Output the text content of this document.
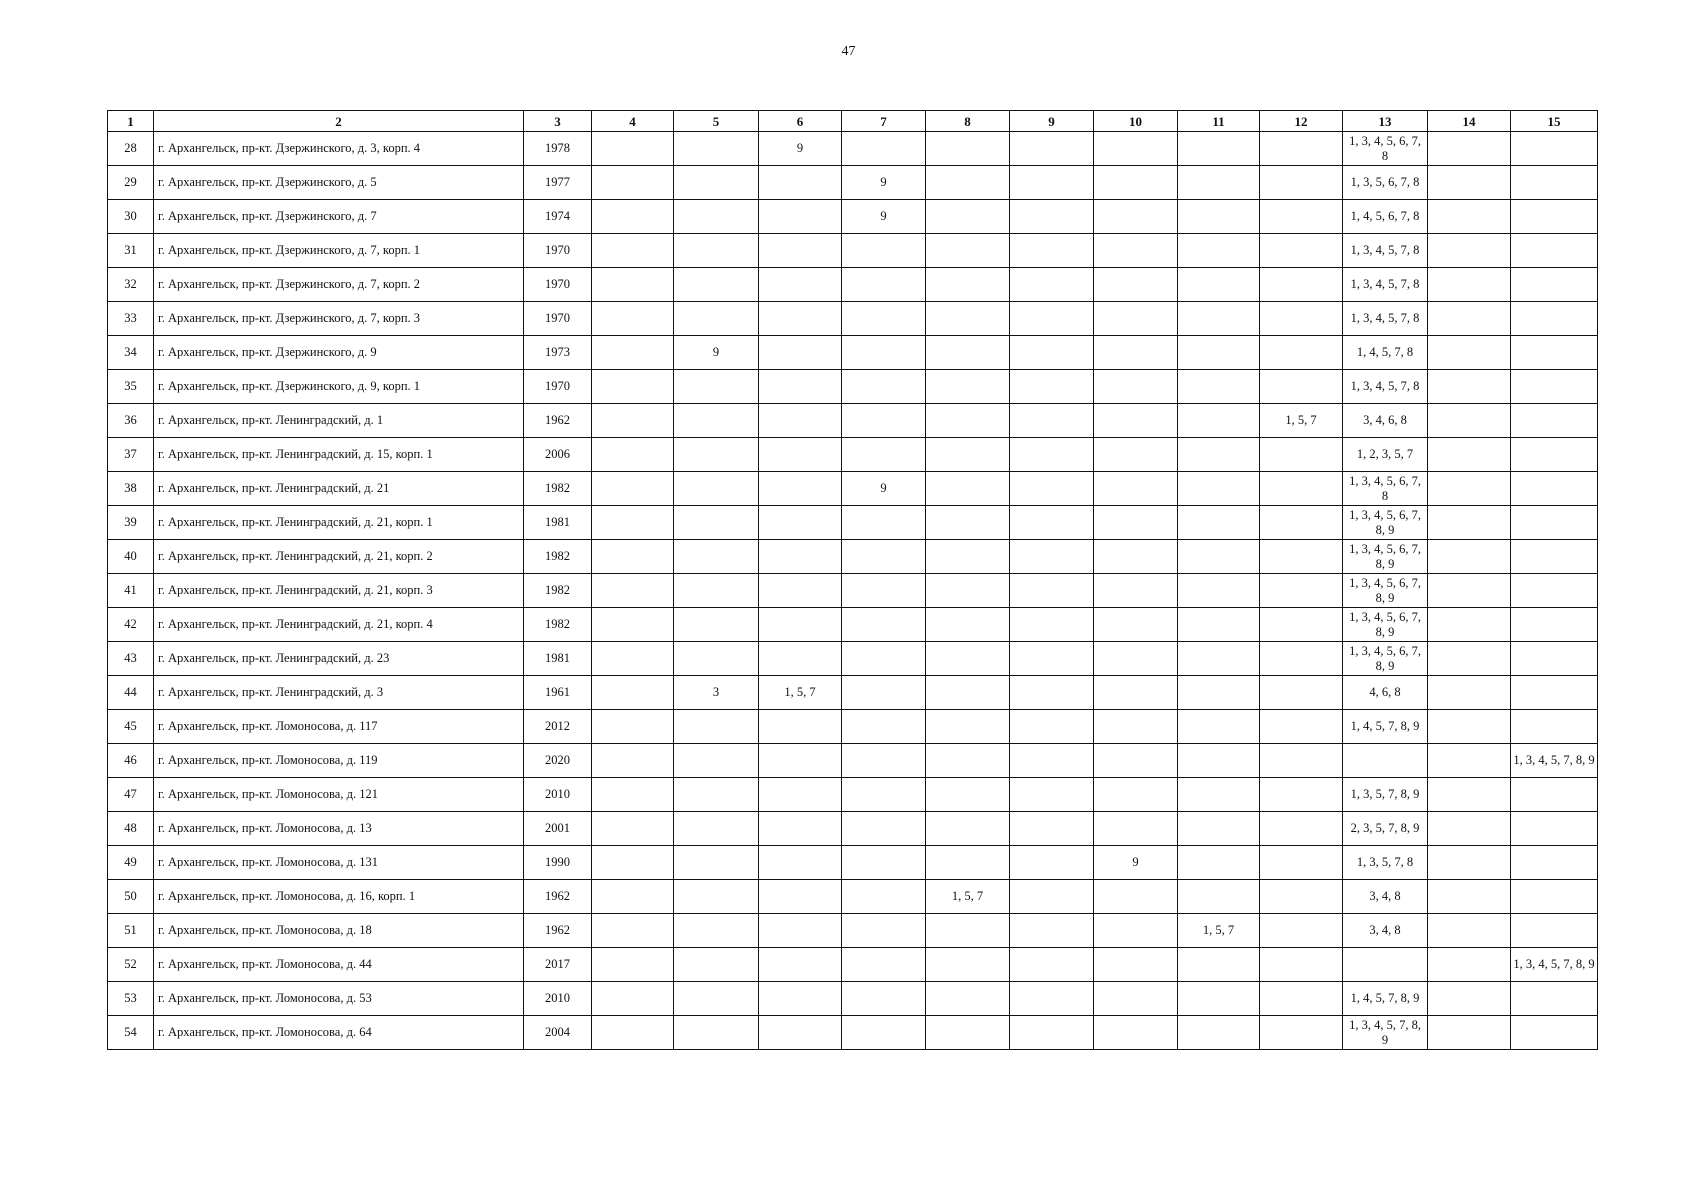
47
1	2	3	4	5	6	7	8	9	10	11	12	13	14	15
28	г. Архангельск, пр-кт. Дзержинского, д. 3, корп. 4	1978			9							1, 3, 4, 5, 6, 7, 8		
29	г. Архангельск, пр-кт. Дзержинского, д. 5	1977				9						1, 3, 5, 6, 7, 8		
30	г. Архангельск, пр-кт. Дзержинского, д. 7	1974				9						1, 4, 5, 6, 7, 8		
31	г. Архангельск, пр-кт. Дзержинского, д. 7, корп. 1	1970										1, 3, 4, 5, 7, 8		
32	г. Архангельск, пр-кт. Дзержинского, д. 7, корп. 2	1970										1, 3, 4, 5, 7, 8		
33	г. Архангельск, пр-кт. Дзержинского, д. 7, корп. 3	1970										1, 3, 4, 5, 7, 8		
34	г. Архангельск, пр-кт. Дзержинского, д. 9	1973		9								1, 4, 5, 7, 8		
35	г. Архангельск, пр-кт. Дзержинского, д. 9, корп. 1	1970										1, 3, 4, 5, 7, 8		
36	г. Архангельск, пр-кт. Ленинградский, д. 1	1962									1, 5, 7	3, 4, 6, 8		
37	г. Архангельск, пр-кт. Ленинградский, д. 15, корп. 1	2006										1, 2, 3, 5, 7		
38	г. Архангельск, пр-кт. Ленинградский, д. 21	1982				9						1, 3, 4, 5, 6, 7, 8		
39	г. Архангельск, пр-кт. Ленинградский, д. 21, корп. 1	1981										1, 3, 4, 5, 6, 7, 8, 9		
40	г. Архангельск, пр-кт. Ленинградский, д. 21, корп. 2	1982										1, 3, 4, 5, 6, 7, 8, 9		
41	г. Архангельск, пр-кт. Ленинградский, д. 21, корп. 3	1982										1, 3, 4, 5, 6, 7, 8, 9		
42	г. Архангельск, пр-кт. Ленинградский, д. 21, корп. 4	1982										1, 3, 4, 5, 6, 7, 8, 9		
43	г. Архангельск, пр-кт. Ленинградский, д. 23	1981										1, 3, 4, 5, 6, 7, 8, 9		
44	г. Архангельск, пр-кт. Ленинградский, д. 3	1961		3	1, 5, 7							4, 6, 8		
45	г. Архангельск, пр-кт. Ломоносова, д. 117	2012										1, 4, 5, 7, 8, 9		
46	г. Архангельск, пр-кт. Ломоносова, д. 119	2020												1, 3, 4, 5, 7, 8, 9
47	г. Архангельск, пр-кт. Ломоносова, д. 121	2010										1, 3, 5, 7, 8, 9		
48	г. Архангельск, пр-кт. Ломоносова, д. 13	2001										2, 3, 5, 7, 8, 9		
49	г. Архангельск, пр-кт. Ломоносова, д. 131	1990							9			1, 3, 5, 7, 8		
50	г. Архангельск, пр-кт. Ломоносова, д. 16, корп. 1	1962					1, 5, 7					3, 4, 8		
51	г. Архангельск, пр-кт. Ломоносова, д. 18	1962								1, 5, 7		3, 4, 8		
52	г. Архангельск, пр-кт. Ломоносова, д. 44	2017												1, 3, 4, 5, 7, 8, 9
53	г. Архангельск, пр-кт. Ломоносова, д. 53	2010										1, 4, 5, 7, 8, 9		
54	г. Архангельск, пр-кт. Ломоносова, д. 64	2004										1, 3, 4, 5, 7, 8, 9		
